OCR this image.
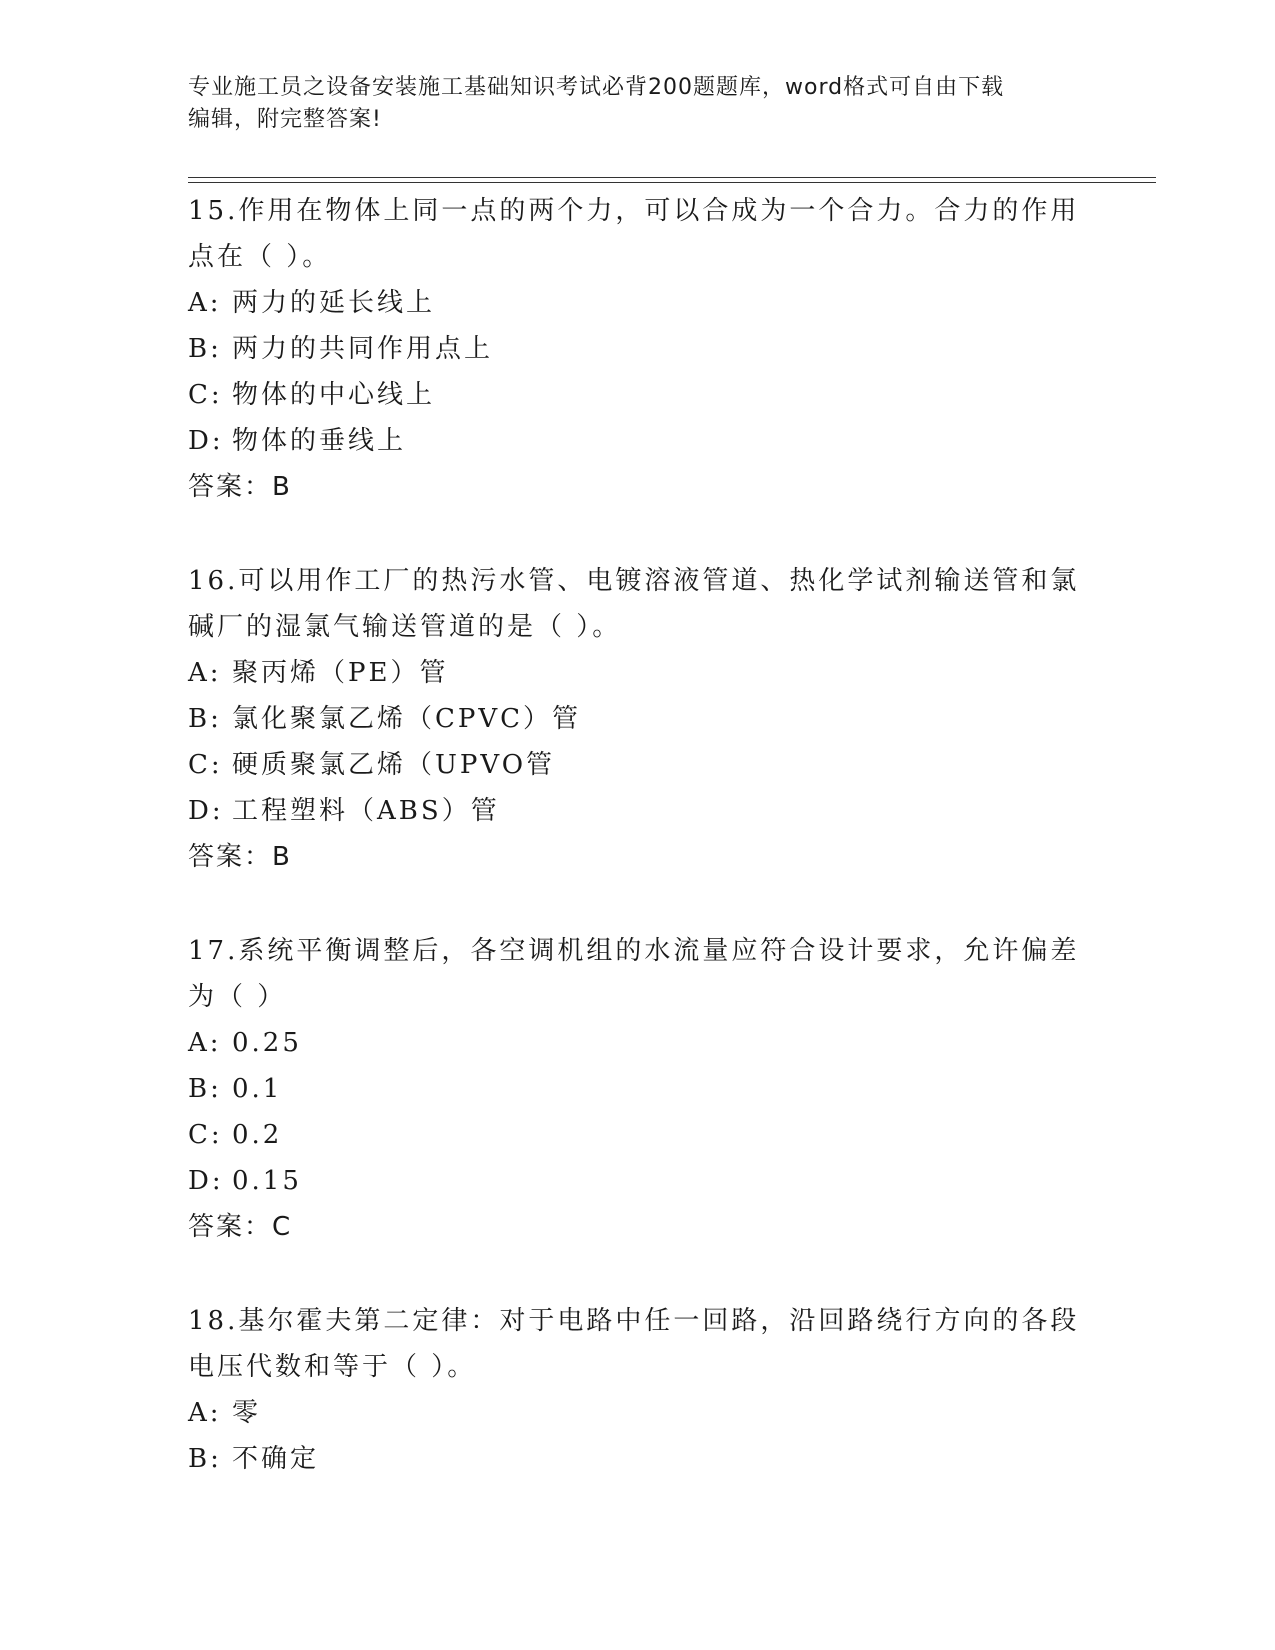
专业施工员之设备安装施工基础知识考试必背200题题库，word格式可自由下载
编辑，附完整答案!
15.作用在物体上同一点的两个力，可以合成为一个合力。合力的作用
点在（ ）。
A: 两力的延长线上
B: 两力的共同作用点上
C: 物体的中心线上
D: 物体的垂线上
答案：B
16.可以用作工厂的热污水管、电镀溶液管道、热化学试剂输送管和氯
碱厂的湿氯气输送管道的是（ ）。
A: 聚丙烯（PE）管
B: 氯化聚氯乙烯（CPVC）管
C: 硬质聚氯乙烯（UPVO管
D: 工程塑料（ABS）管
答案：B
17.系统平衡调整后，各空调机组的水流量应符合设计要求，允许偏差
为（ ）
A: 0.25
B: 0.1
C: 0.2
D: 0.15
答案：C
18.基尔霍夫第二定律：对于电路中任一回路，沿回路绕行方向的各段
电压代数和等于（ ）。
A: 零
B: 不确定
